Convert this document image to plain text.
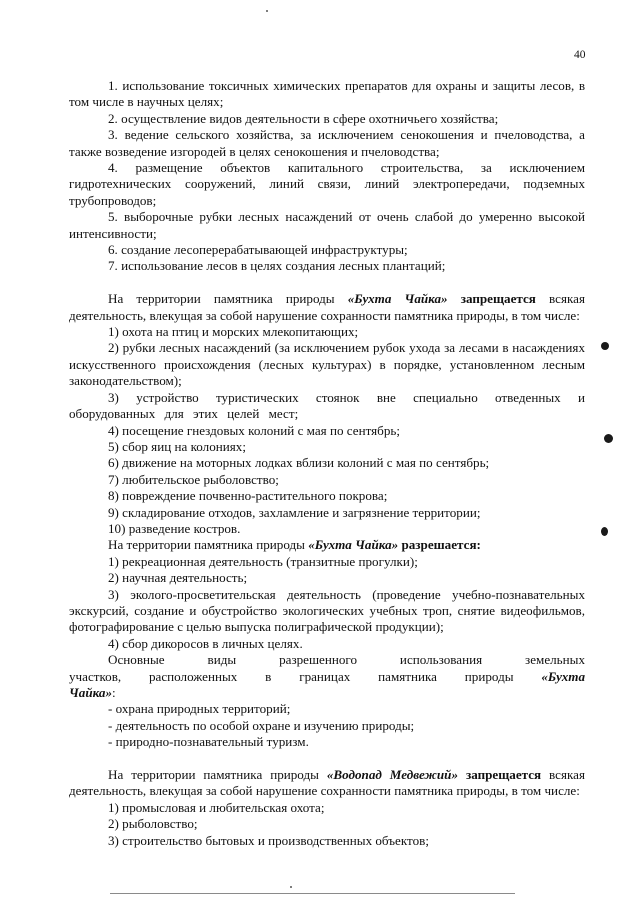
40

1. использование токсичных химических препаратов для охраны и защиты лесов, в том числе в научных целях;

2. осуществление видов деятельности в сфере охотничьего хозяйства;

3. ведение сельского хозяйства, за исключением сенокошения и пчеловодства, а также возведение изгородей в целях сенокошения и пчеловодства;

4. размещение объектов капитального строительства, за исключением гидротехнических сооружений, линий связи, линий электропередачи, подземных трубопроводов;

5. выборочные рубки лесных насаждений от очень слабой до умеренно высокой интенсивности;

6. создание лесоперерабатывающей инфраструктуры;

7. использование лесов в целях создания лесных плантаций;

На территории памятника природы «Бухта Чайка» запрещается всякая деятельность, влекущая за собой нарушение сохранности памятника природы, в том числе:

1) охота на птиц и морских млекопитающих;

2) рубки лесных насаждений (за исключением рубок ухода за лесами в насаждениях искусственного происхождения (лесных культурах) в порядке, установленном лесным законодательством);

3) устройство туристических стоянок вне специально отведенных и оборудованных для этих целей мест;

4) посещение гнездовых колоний с мая по сентябрь;

5) сбор яиц на колониях;

6) движение на моторных лодках вблизи колоний с мая по сентябрь;

7) любительское рыболовство;

8) повреждение почвенно-растительного покрова;

9) складирование отходов, захламление и загрязнение территории;

10) разведение костров.

На территории памятника природы «Бухта Чайка» разрешается:

1) рекреационная деятельность (транзитные прогулки);

2) научная деятельность;

3) эколого-просветительская деятельность (проведение учебно-познавательных экскурсий, создание и обустройство экологических учебных троп, снятие видеофильмов, фотографирование с целью выпуска полиграфической продукции);

4) сбор дикоросов в личных целях.

Основные виды разрешенного использования земельных участков, расположенных в границах памятника природы «Бухта Чайка»:

- охрана природных территорий;

- деятельность по особой охране и изучению природы;

- природно-познавательный туризм.

На территории памятника природы «Водопад Медвежий» запрещается всякая деятельность, влекущая за собой нарушение сохранности памятника природы, в том числе:

1) промысловая и любительская охота;

2) рыболовство;

3) строительство бытовых и производственных объектов;
